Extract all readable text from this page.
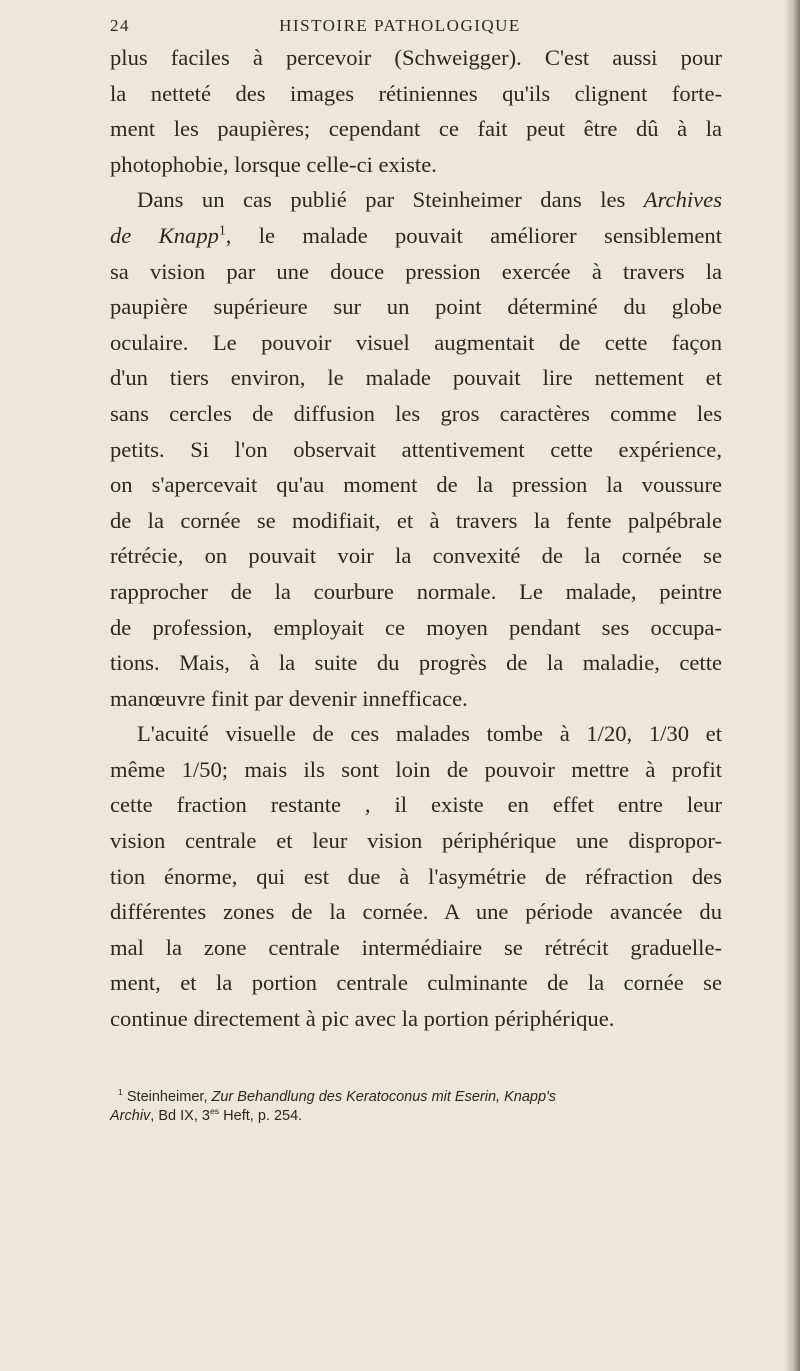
24	HISTOIRE PATHOLOGIQUE
plus faciles à percevoir (Schweigger). C'est aussi pour
la netteté des images rétiniennes qu'ils clignent forte-
ment les paupières; cependant ce fait peut être dû à la
photophobie, lorsque celle-ci existe.
Dans un cas publié par Steinheimer dans les Archives
de Knapp$^1$, le malade pouvait améliorer sensiblement
sa vision par une douce pression exercée à travers la
paupière supérieure sur un point déterminé du globe
oculaire. Le pouvoir visuel augmentait de cette façon
d'un tiers environ, le malade pouvait lire nettement et
sans cercles de diffusion les gros caractères comme les
petits. Si l'on observait attentivement cette expérience,
on s'apercevait qu'au moment de la pression la voussure
de la cornée se modifiait, et à travers la fente palpébrale
rétrécie, on pouvait voir la convexité de la cornée se
rapprocher de la courbure normale. Le malade, peintre
de profession, employait ce moyen pendant ses occupa-
tions. Mais, à la suite du progrès de la maladie, cette
manœuvre finit par devenir innefficace.
L'acuité visuelle de ces malades tombe à 1/20, 1/30 et
même 1/50; mais ils sont loin de pouvoir mettre à profit
cette fraction restante , il existe en effet entre leur
vision centrale et leur vision périphérique une dispropor-
tion énorme, qui est due à l'asymétrie de réfraction des
différentes zones de la cornée. A une période avancée du
mal la zone centrale intermédiaire se rétrécit graduelle-
ment, et la portion centrale culminante de la cornée se
continue directement à pic avec la portion périphérique.
$^1$ Steinheimer, Zur Behandlung des Keratoconus mit Eserin, Knapp's
Archiv, Bd IX, $3^{es}$ Heft, p. 254.
